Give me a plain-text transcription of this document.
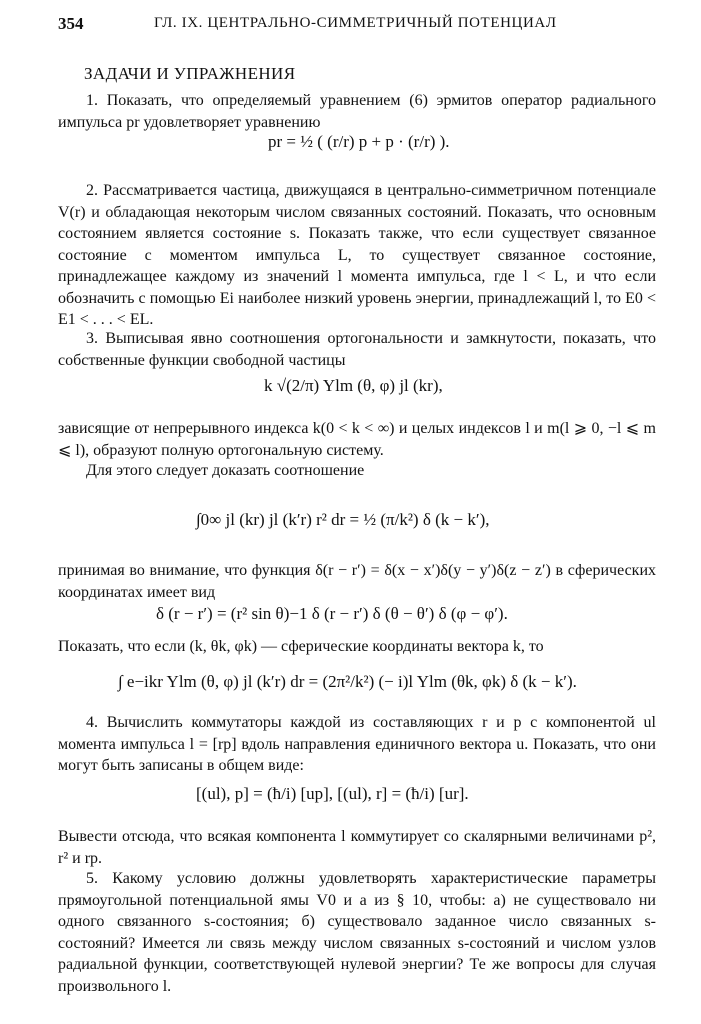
354	ГЛ. IX. ЦЕНТРАЛЬНО-СИММЕТРИЧНЫЙ ПОТЕНЦИАЛ
ЗАДАЧИ И УПРАЖНЕНИЯ

1. Показать, что определяемый уравнением (6) эрмитов оператор радиального импульса pr удовлетворяет уравнению

pr = ½ ( (r/r) p + p · (r/r) ).

2. Рассматривается частица, движущаяся в центрально-симметричном потенциале V(r) и обладающая некоторым числом связанных состояний. Показать, что основным состоянием является состояние s. Показать также, что если существует связанное состояние с моментом импульса L, то существует связанное состояние, принадлежащее каждому из значений l момента импульса, где l < L, и что если обозначить с помощью Ei наиболее низкий уровень энергии, принадлежащий l, то E0 < E1 < . . . < EL.

3. Выписывая явно соотношения ортогональности и замкнутости, показать, что собственные функции свободной частицы

k √(2/π) Ylm (θ, φ) jl (kr),

зависящие от непрерывного индекса k(0 < k < ∞) и целых индексов l и m(l ⩾ 0, −l ⩽ m ⩽ l), образуют полную ортогональную систему.

Для этого следует доказать соотношение

∫0∞ jl (kr) jl (k′r) r² dr = ½ (π/k²) δ (k − k′),

принимая во внимание, что функция δ(r − r′) = δ(x − x′)δ(y − y′)δ(z − z′) в сферических координатах имеет вид

δ (r − r′) = (r² sin θ)−1 δ (r − r′) δ (θ − θ′) δ (φ − φ′).

Показать, что если (k, θk, φk) — сферические координаты вектора k, то

∫ e−ikr Ylm (θ, φ) jl (k′r) dr = (2π²/k²) (− i)l Ylm (θk, φk) δ (k − k′).

4. Вычислить коммутаторы каждой из составляющих r и p с компонентой ul момента импульса l = [rp] вдоль направления единичного вектора u. Показать, что они могут быть записаны в общем виде:

[(ul), p] = (ħ/i) [up], [(ul), r] = (ħ/i) [ur].

Вывести отсюда, что всякая компонента l коммутирует со скалярными величинами p², r² и rp.

5. Какому условию должны удовлетворять характеристические параметры прямоугольной потенциальной ямы V0 и a из § 10, чтобы: а) не существовало ни одного связанного s-состояния; б) существовало заданное число связанных s-состояний? Имеется ли связь между числом связанных s-состояний и числом узлов радиальной функции, соответствующей нулевой энергии? Те же вопросы для случая произвольного l.
